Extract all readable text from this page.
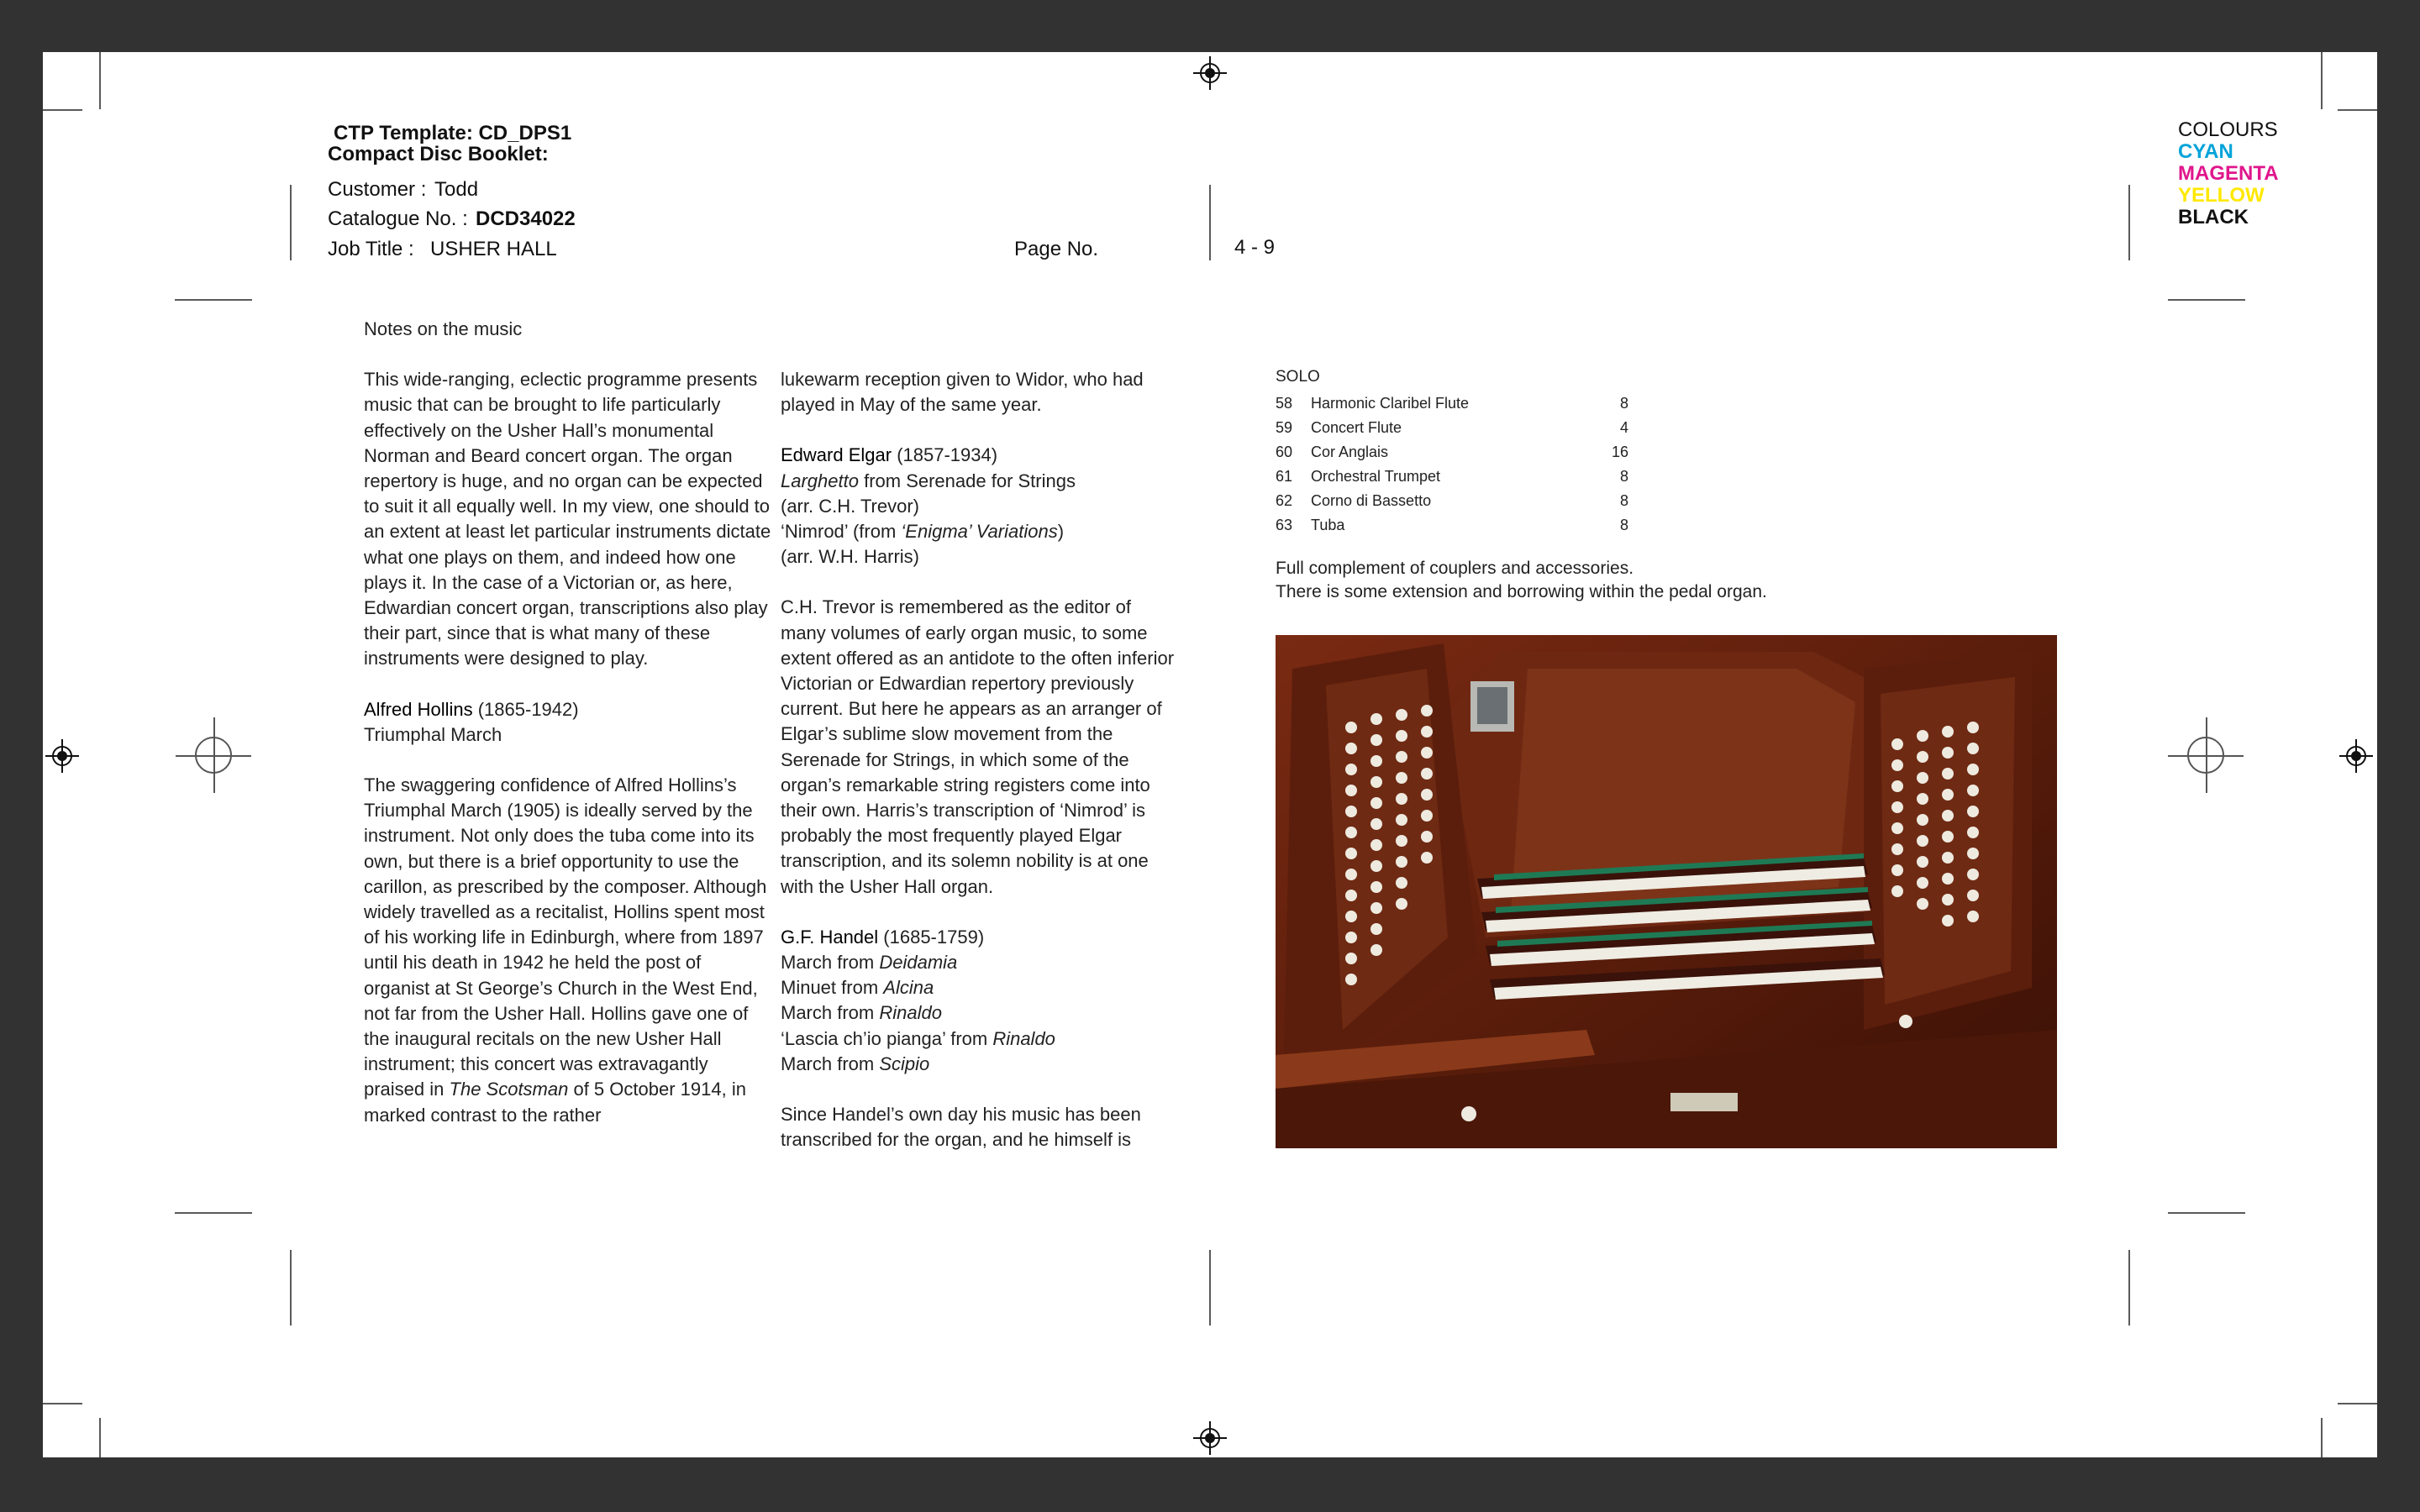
CTP Template: CD_DPS1
Compact Disc Booklet:
Customer : Todd
Catalogue No. : DCD34022
Job Title : USHER HALL	Page No.	4 - 9
COLOURS
CYAN
MAGENTA
YELLOW
BLACK

Notes on the music

This wide-ranging, eclectic programme presents music that can be brought to life particularly effectively on the Usher Hall’s monumental Norman and Beard concert organ. The organ repertory is huge, and no organ can be expected to suit it all equally well. In my view, one should to an extent at least let particular instruments dictate what one plays on them, and indeed how one plays it. In the case of a Victorian or, as here, Edwardian concert organ, transcriptions also play their part, since that is what many of these instruments were designed to play.

Alfred Hollins (1865-1942)

Triumphal March

The swaggering confidence of Alfred Hollins’s Triumphal March (1905) is ideally served by the instrument. Not only does the tuba come into its own, but there is a brief opportunity to use the carillon, as prescribed by the composer. Although widely travelled as a recitalist, Hollins spent most of his working life in Edinburgh, where from 1897 until his death in 1942 he held the post of organist at St George’s Church in the West End, not far from the Usher Hall. Hollins gave one of the inaugural recitals on the new Usher Hall instrument; this concert was extravagantly praised in The Scotsman of 5 October 1914, in marked contrast to the rather

lukewarm reception given to Widor, who had played in May of the same year.

Edward Elgar (1857-1934)

Larghetto from Serenade for Strings

(arr. C.H. Trevor)

‘Nimrod’ (from ‘Enigma’ Variations)

(arr. W.H. Harris)

C.H. Trevor is remembered as the editor of many volumes of early organ music, to some extent offered as an antidote to the often inferior Victorian or Edwardian repertory previously current. But here he appears as an arranger of Elgar’s sublime slow movement from the Serenade for Strings, in which some of the organ’s remarkable string registers come into their own. Harris’s transcription of ‘Nimrod’ is probably the most frequently played Elgar transcription, and its solemn nobility is at one with the Usher Hall organ.

G.F. Handel (1685-1759)

March from Deidamia

Minuet from Alcina

March from Rinaldo

‘Lascia ch’io pianga’ from Rinaldo

March from Scipio

Since Handel’s own day his music has been transcribed for the organ, and he himself is

SOLO
58 Harmonic Claribel Flute	8
59 Concert Flute	4
60 Cor Anglais	16
61 Orchestral Trumpet	8
62 Corno di Bassetto	8
63 Tuba	8
Full complement of couplers and accessories.
There is some extension and borrowing within the pedal organ.
